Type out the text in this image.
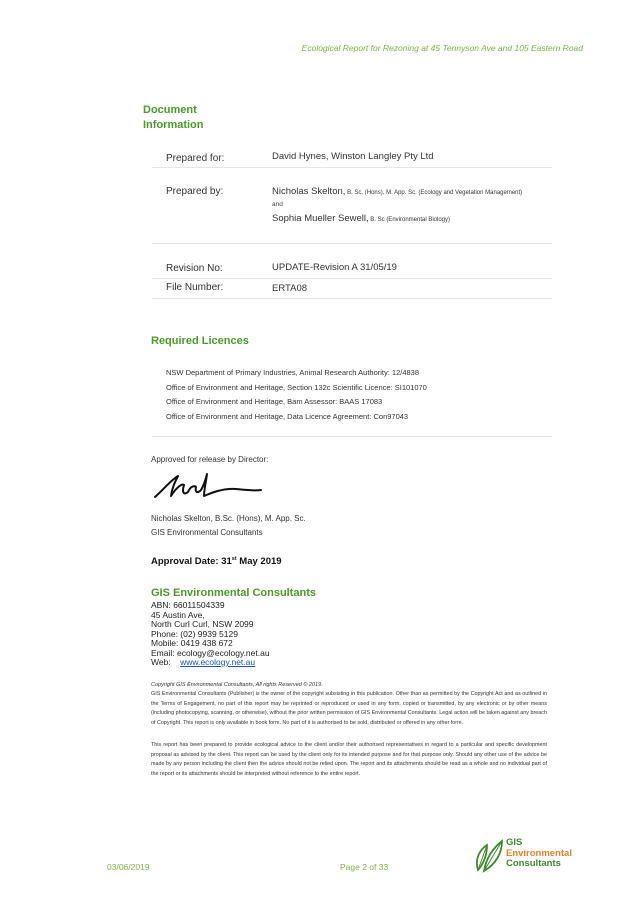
Ecological Report for Rezoning at 45 Tennyson Ave and 105 Eastern Road
Document
Information
Prepared for:	David Hynes, Winston Langley Pty Ltd
Prepared by:	Nicholas Skelton, B. Sc. (Hons), M. App. Sc. (Ecology and Vegetation Management)
and
Sophia Mueller Sewell, B. Sc (Environmental Biology)
Revision No:	UPDATE-Revision A 31/05/19
File Number:	ERTA08
Required Licences
NSW Department of Primary Industries, Animal Research Authority: 12/4838
Office of Environment and Heritage, Section 132c Scientific Licence: SI101070
Office of Environment and Heritage, Bam Assessor: BAAS 17083
Office of Environment and Heritage, Data Licence Agreement: Con97043
Approved for release by Director:
Nicholas Skelton, B.Sc. (Hons), M. App. Sc.
GIS Environmental Consultants
Approval Date: 31st May 2019
GIS Environmental Consultants
ABN: 66011504339
45 Austin Ave,
North Curl Curl, NSW 2099
Phone: (02) 9939 5129
Mobile: 0419 438 672
Email: ecology@ecology.net.au
Web: www.ecology.net.au
Copyright GIS Environmental Consultants, All rights Reserved © 2019.
GIS Environmental Consultants (Publisher) is the owner of the copyright subsisting in this publication. Other than as permitted by the Copyright Act and as outlined in the Terms of Engagement, no part of this report may be reprinted or reproduced or used in any form, copied or transmitted, by any electronic or by other means (including photocopying, scanning, or otherwise), without the prior written permission of GIS Environmental Consultants. Legal action will be taken against any breach of Copyright. This report is only available in book form. No part of it is authorised to be sold, distributed or offered in any other form.
This report has been prepared to provide ecological advice to the client and/or their authorised representatives in regard to a particular and specific development proposal as advised by the client. This report can be used by the client only for its intended purpose and for that purpose only. Should any other use of the advice be made by any person including the client then the advice should not be relied upon. The report and its attachments should be read as a whole and no individual part of the report or its attachments should be interpreted without reference to the entire report.
03/06/2019	Page 2 of 33
GIS
Environmental
Consultants
